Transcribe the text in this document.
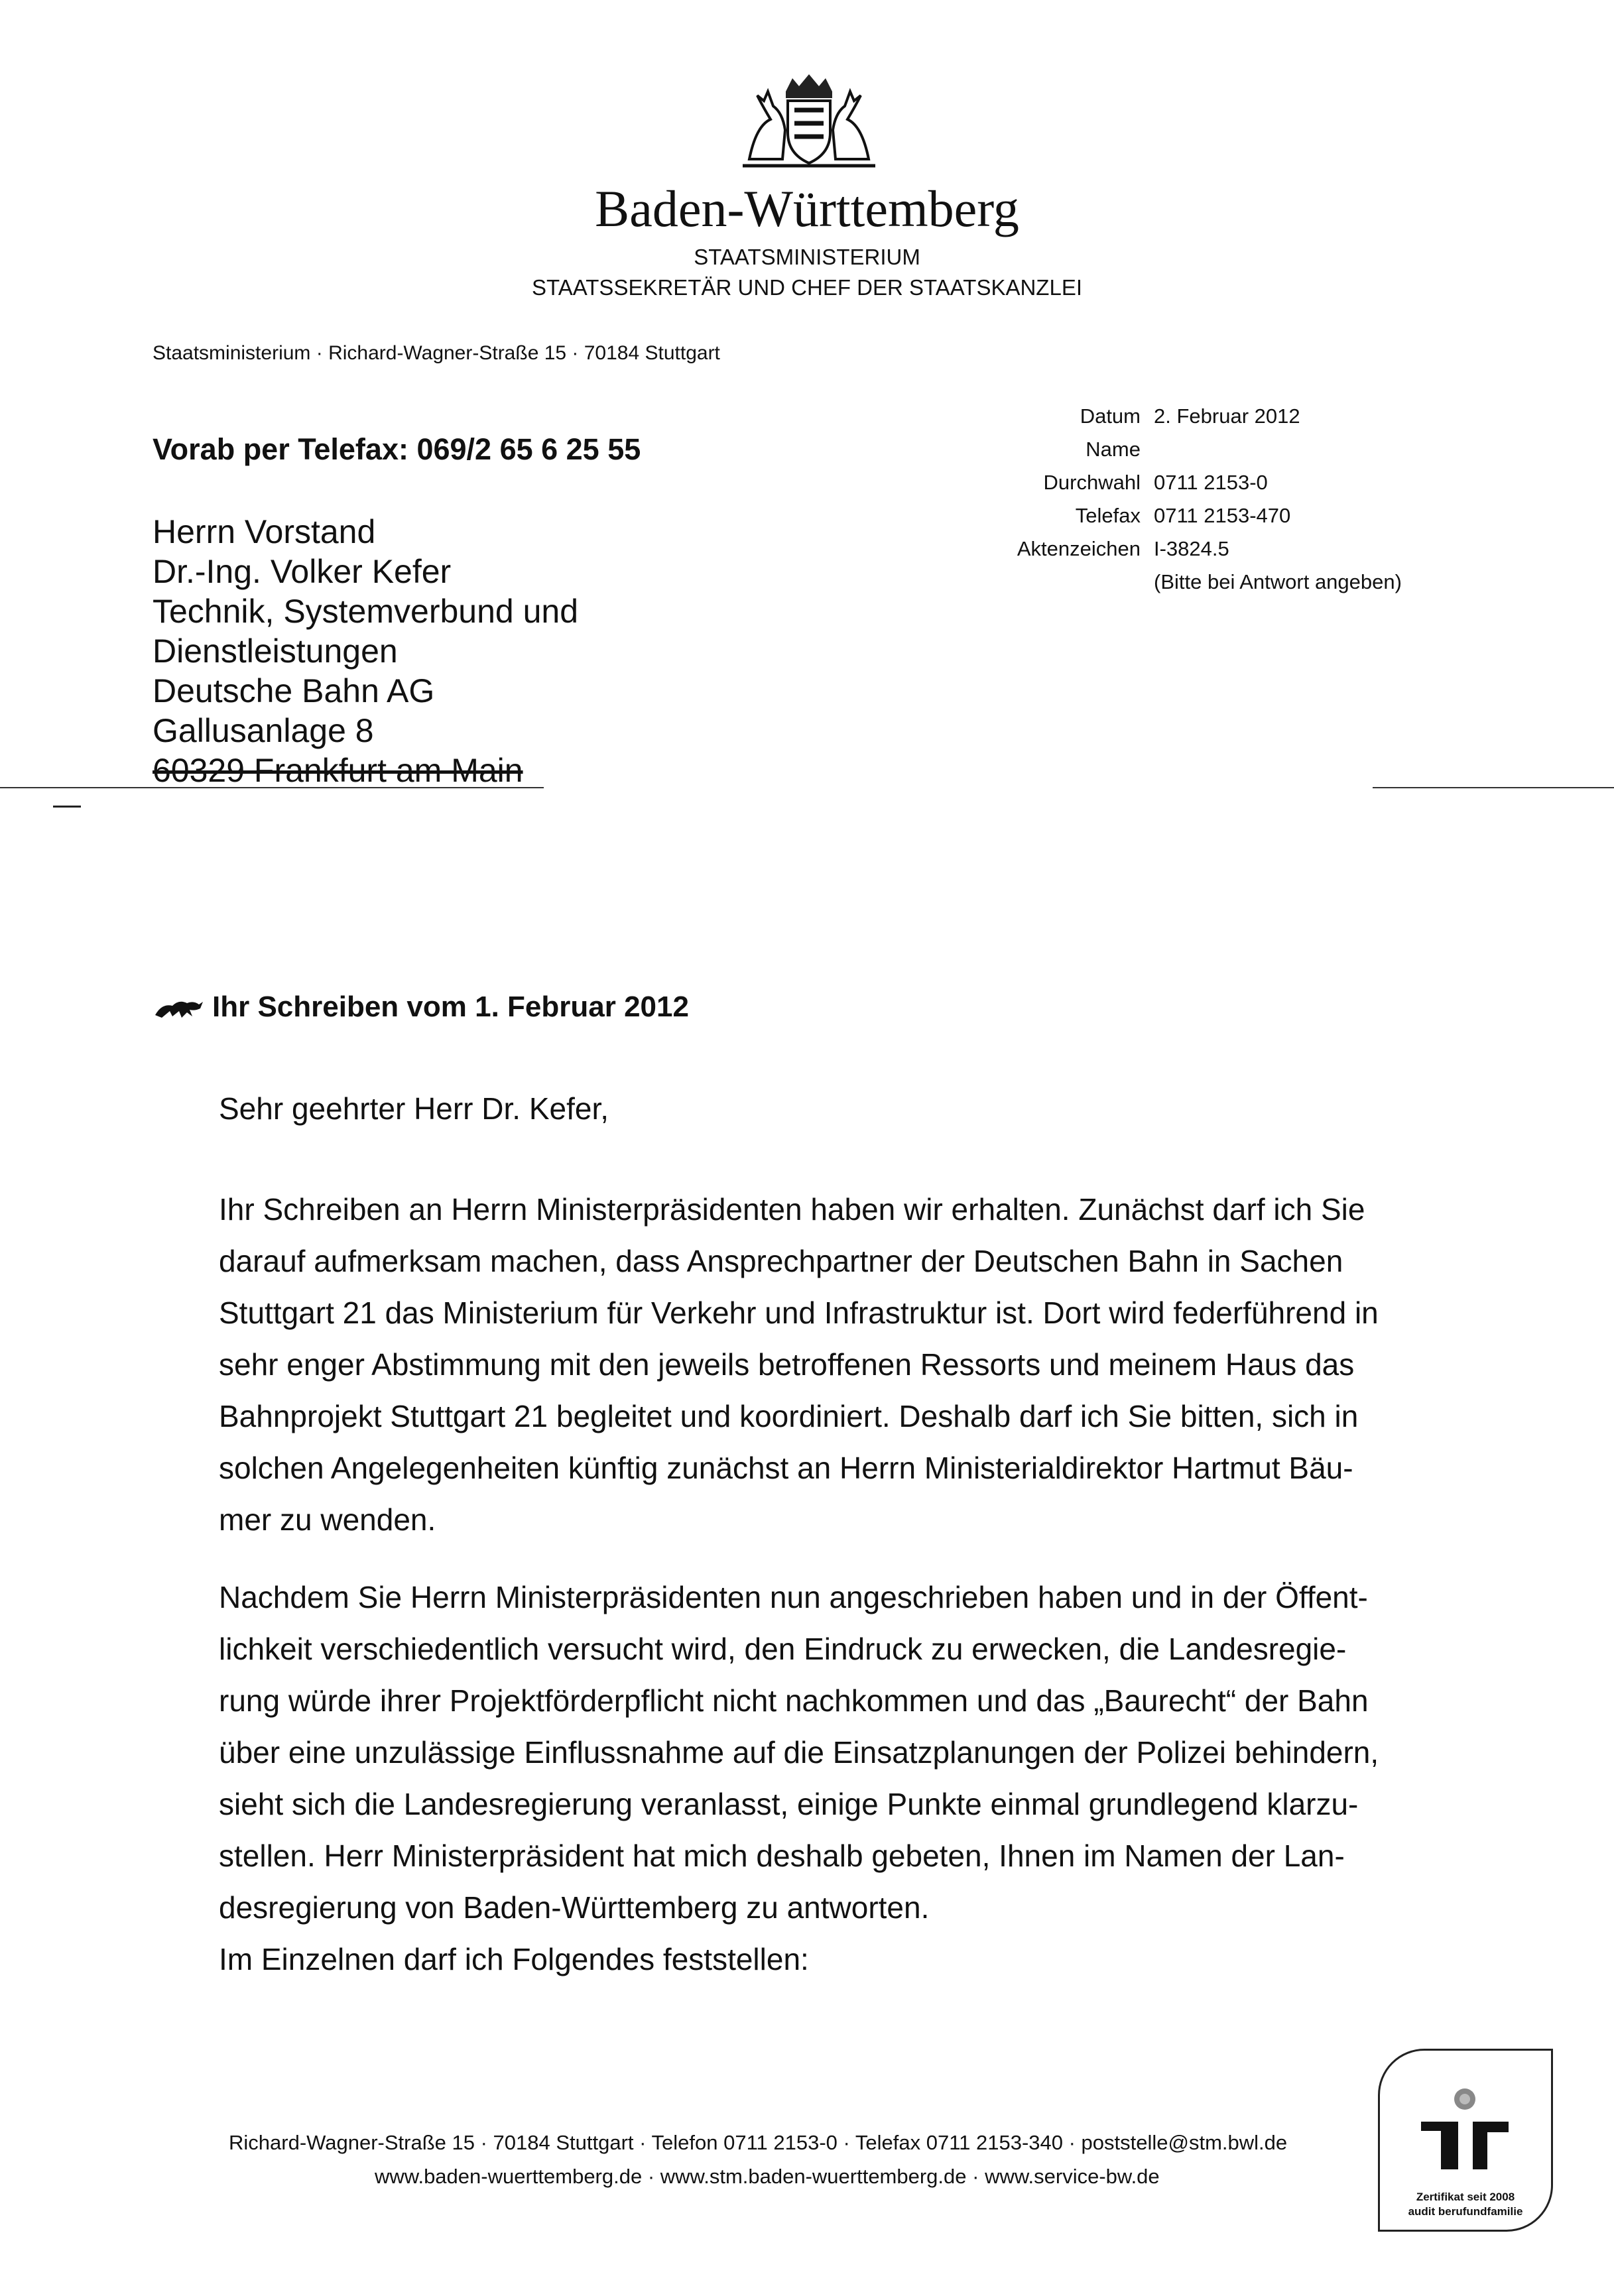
Baden-Württemberg
STAATSMINISTERIUM
STAATSSEKRETÄR UND CHEF DER STAATSKANZLEI
Staatsministerium · Richard-Wagner-Straße 15 · 70184 Stuttgart
Vorab per Telefax: 069/2 65 6 25 55
Herrn Vorstand
Dr.-Ing. Volker Kefer
Technik, Systemverbund und
Dienstleistungen
Deutsche Bahn AG
Gallusanlage 8
60329 Frankfurt am Main
Datum	2. Februar 2012
Name	
Durchwahl	0711 2153-0
Telefax	0711 2153-470
Aktenzeichen	I-3824.5
	(Bitte bei Antwort angeben)
Ihr Schreiben vom 1. Februar 2012
Sehr geehrter Herr Dr. Kefer,
Ihr Schreiben an Herrn Ministerpräsidenten haben wir erhalten. Zunächst darf ich Sie
darauf aufmerksam machen, dass Ansprechpartner der Deutschen Bahn in Sachen
Stuttgart 21 das Ministerium für Verkehr und Infrastruktur ist. Dort wird federführend in
sehr enger Abstimmung mit den jeweils betroffenen Ressorts und meinem Haus das
Bahnprojekt Stuttgart 21 begleitet und koordiniert. Deshalb darf ich Sie bitten, sich in
solchen Angelegenheiten künftig zunächst an Herrn Ministerialdirektor Hartmut Bäu-
mer zu wenden.
Nachdem Sie Herrn Ministerpräsidenten nun angeschrieben haben und in der Öffent-
lichkeit verschiedentlich versucht wird, den Eindruck zu erwecken, die Landesregie-
rung würde ihrer Projektförderpflicht nicht nachkommen und das „Baurecht“ der Bahn
über eine unzulässige Einflussnahme auf die Einsatzplanungen der Polizei behindern,
sieht sich die Landesregierung veranlasst, einige Punkte einmal grundlegend klarzu-
stellen. Herr Ministerpräsident hat mich deshalb gebeten, Ihnen im Namen der Lan-
desregierung von Baden-Württemberg zu antworten.
Im Einzelnen darf ich Folgendes feststellen:
Richard-Wagner-Straße 15 · 70184 Stuttgart · Telefon 0711 2153-0 · Telefax 0711 2153-340 · poststelle@stm.bwl.de
www.baden-wuerttemberg.de · www.stm.baden-wuerttemberg.de · www.service-bw.de
Zertifikat seit 2008
audit berufundfamilie
